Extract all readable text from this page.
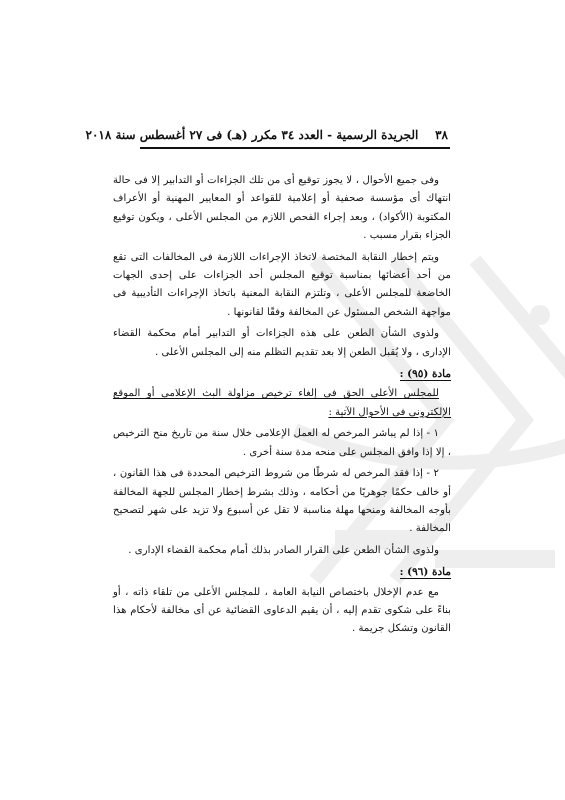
٣٨    الجريدة الرسمية - العدد ٣٤ مكرر (هـ) فى ٢٧ أغسطس سنة ٢٠١٨

وفى جميع الأحوال ، لا يجوز توقيع أى من تلك الجزاءات أو التدابير إلا فى حالة انتهاك أى مؤسسة صحفية أو إعلامية للقواعد أو المعايير المهنية أو الأعراف المكتوبة (الأكواد) ، وبعد إجراء الفحص اللازم من المجلس الأعلى ، ويكون توقيع الجزاء بقرار مسبب .

ويتم إخطار النقابة المختصة لاتخاذ الإجراءات اللازمة فى المخالفات التى تقع من أحد أعضائها بمناسبة توقيع المجلس أحد الجزاءات على إحدى الجهات الخاضعة للمجلس الأعلى ، وتلتزم النقابة المعنية باتخاذ الإجراءات التأديبية فى مواجهة الشخص المسئول عن المخالفة وفقًا لقانونها .

ولذوى الشأن الطعن على هذه الجزاءات أو التدابير أمام محكمة القضاء الإدارى ، ولا يُقبل الطعن إلا بعد تقديم التظلم منه إلى المجلس الأعلى .

مادة (٩٥) :

للمجلس الأعلى الحق فى إلغاء ترخيص مزاولة البث الإعلامى أو الموقع الإلكترونى فى الأحوال الآتية :

١ - إذا لم يباشر المرخص له العمل الإعلامى خلال سنة من تاريخ منح الترخيص ، إلا إذا وافق المجلس على منحه مدة سنة أخرى .

٢ - إذا فقد المرخص له شرطًا من شروط الترخيص المحددة فى هذا القانون ، أو خالف حكمًا جوهريًا من أحكامه ، وذلك بشرط إخطار المجلس للجهة المخالفة بأوجه المخالفة ومنحها مهلة مناسبة لا تقل عن أسبوع ولا تزيد على شهر لتصحيح المخالفة .

ولذوى الشأن الطعن على القرار الصادر بذلك أمام محكمة القضاء الإدارى .

مادة (٩٦) :

مع عدم الإخلال باختصاص النيابة العامة ، للمجلس الأعلى من تلقاء ذاته ، أو بناءً على شكوى تقدم إليه ، أن يقيم الدعاوى القضائية عن أى مخالفة لأحكام هذا القانون وتشكل جريمة .
